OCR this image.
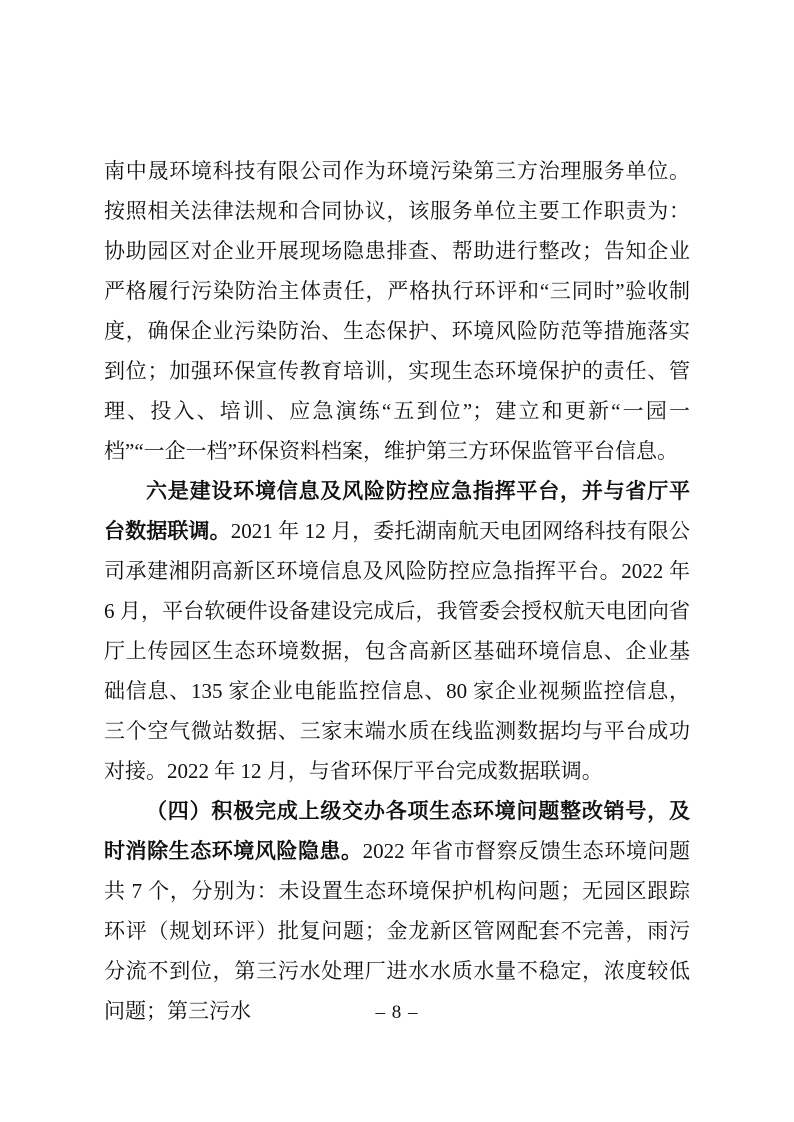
南中晟环境科技有限公司作为环境污染第三方治理服务单位。按照相关法律法规和合同协议，该服务单位主要工作职责为：协助园区对企业开展现场隐患排查、帮助进行整改；告知企业严格履行污染防治主体责任，严格执行环评和“三同时”验收制度，确保企业污染防治、生态保护、环境风险防范等措施落实到位；加强环保宣传教育培训，实现生态环境保护的责任、管理、投入、培训、应急演练“五到位”；建立和更新“一园一档”“一企一档”环保资料档案，维护第三方环保监管平台信息。

六是建设环境信息及风险防控应急指挥平台，并与省厅平台数据联调。2021 年 12 月，委托湖南航天电团网络科技有限公司承建湘阴高新区环境信息及风险防控应急指挥平台。2022 年 6 月，平台软硬件设备建设完成后，我管委会授权航天电团向省厅上传园区生态环境数据，包含高新区基础环境信息、企业基础信息、135 家企业电能监控信息、80 家企业视频监控信息，三个空气微站数据、三家末端水质在线监测数据均与平台成功对接。2022 年 12 月，与省环保厅平台完成数据联调。

（四）积极完成上级交办各项生态环境问题整改销号，及时消除生态环境风险隐患。2022 年省市督察反馈生态环境问题共 7 个，分别为：未设置生态环境保护机构问题；无园区跟踪环评（规划环评）批复问题；金龙新区管网配套不完善，雨污分流不到位，第三污水处理厂进水水质水量不稳定，浓度较低问题；第三污水	– 8 –
